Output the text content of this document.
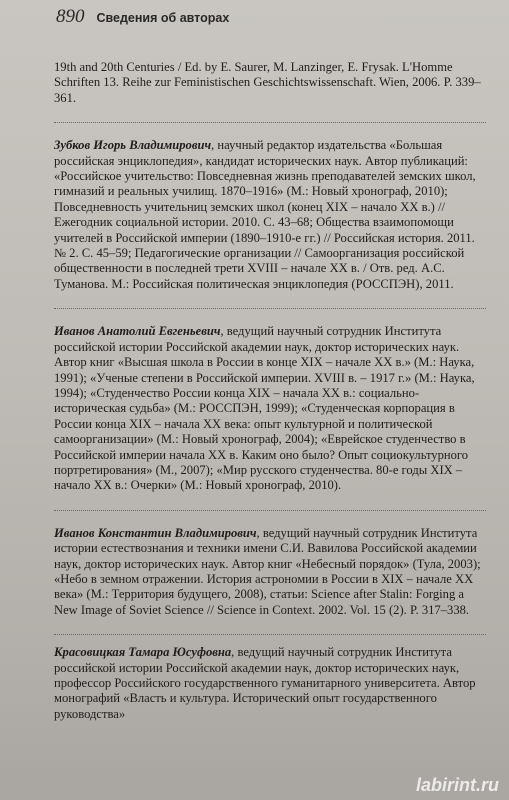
890 Сведения об авторах

19th and 20th Centuries / Ed. by E. Saurer, M. Lanzinger, E. Frysak. L'Homme Schriften 13. Reihe zur Feministischen Geschichtswissenschaft. Wien, 2006. P. 339–361.

Зубков Игорь Владимирович, научный редактор издательства «Большая российская энциклопедия», кандидат исторических наук. Автор публикаций: «Российское учительство: Повседневная жизнь преподавателей земских школ, гимназий и реальных училищ. 1870–1916» (М.: Новый хронограф, 2010); Повседневность учительниц земских школ (конец XIX – начало XX в.) // Ежегодник социальной истории. 2010. С. 43–68; Общества взаимопомощи учителей в Российской империи (1890–1910-е гг.) // Российская история. 2011. № 2. С. 45–59; Педагогические организации // Самоорганизация российской общественности в последней трети XVIII – начале XX в. / Отв. ред. А.С. Туманова. М.: Российская политическая энциклопедия (РОССПЭН), 2011.

Иванов Анатолий Евгеньевич, ведущий научный сотрудник Института российской истории Российской академии наук, доктор исторических наук. Автор книг «Высшая школа в России в конце XIX – начале XX в.» (М.: Наука, 1991); «Ученые степени в Российской империи. XVIII в. – 1917 г.» (М.: Наука, 1994); «Студенчество России конца XIX – начала XX в.: социально-историческая судьба» (М.: РОССПЭН, 1999); «Студенческая корпорация в России конца XIX – начала XX века: опыт культурной и политической самоорганизации» (М.: Новый хронограф, 2004); «Еврейское студенчество в Российской империи начала XX в. Каким оно было? Опыт социокультурного портретирования» (М., 2007); «Мир русского студенчества. 80-е годы XIX – начало XX в.: Очерки» (М.: Новый хронограф, 2010).

Иванов Константин Владимирович, ведущий научный сотрудник Института истории естествознания и техники имени С.И. Вавилова Российской академии наук, доктор исторических наук. Автор книг «Небесный порядок» (Тула, 2003); «Небо в земном отражении. История астрономии в России в XIX – начале XX века» (М.: Территория будущего, 2008), статьи: Science after Stalin: Forging a New Image of Soviet Science // Science in Context. 2002. Vol. 15 (2). P. 317–338.

Красовицкая Тамара Юсуфовна, ведущий научный сотрудник Института российской истории Российской академии наук, доктор исторических наук, профессор Российского государственного гуманитарного университета. Автор монографий «Власть и культура. Исторический опыт государственного руководства»

labirint.ru
